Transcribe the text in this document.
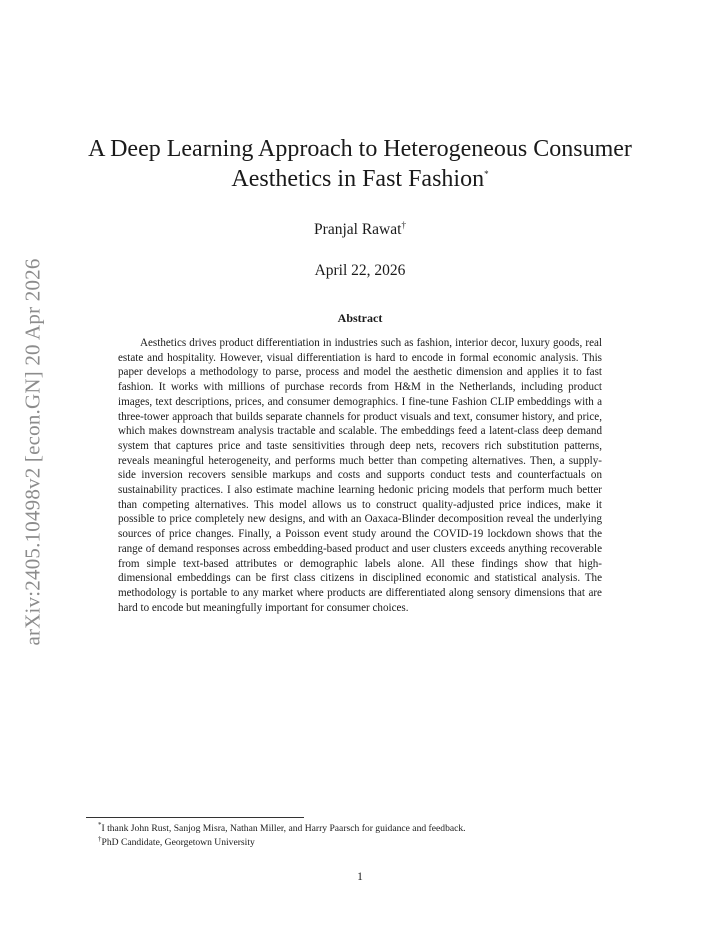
arXiv:2405.10498v2 [econ.GN] 20 Apr 2026
A Deep Learning Approach to Heterogeneous Consumer
Aesthetics in Fast Fashion*
Pranjal Rawat†
April 22, 2026
Abstract

Aesthetics drives product differentiation in industries such as fashion, interior decor, luxury goods, real estate and hospitality. However, visual differentiation is hard to encode in formal economic analysis. This paper develops a methodology to parse, process and model the aesthetic dimension and applies it to fast fashion. It works with millions of purchase records from H&M in the Netherlands, including product images, text descriptions, prices, and consumer demographics. I fine-tune Fashion CLIP embeddings with a three-tower approach that builds separate channels for product visuals and text, consumer history, and price, which makes downstream analysis tractable and scalable. The embeddings feed a latent-class deep demand system that captures price and taste sensitivities through deep nets, recovers rich substitution patterns, reveals meaningful heterogeneity, and performs much better than competing alternatives. Then, a supply-side inversion recovers sensible markups and costs and supports conduct tests and counterfactuals on sustainability practices. I also estimate machine learning hedonic pricing models that perform much better than competing alternatives. This model allows us to construct quality-adjusted price indices, make it possible to price completely new designs, and with an Oaxaca-Blinder decomposition reveal the underlying sources of price changes. Finally, a Poisson event study around the COVID-19 lockdown shows that the range of demand responses across embedding-based product and user clusters exceeds anything recoverable from simple text-based attributes or demographic labels alone. All these findings show that high-dimensional embeddings can be first class citizens in disciplined economic and statistical analysis. The methodology is portable to any market where products are differentiated along sensory dimensions that are hard to encode but meaningfully important for consumer choices.

*I thank John Rust, Sanjog Misra, Nathan Miller, and Harry Paarsch for guidance and feedback.
†PhD Candidate, Georgetown University
1
